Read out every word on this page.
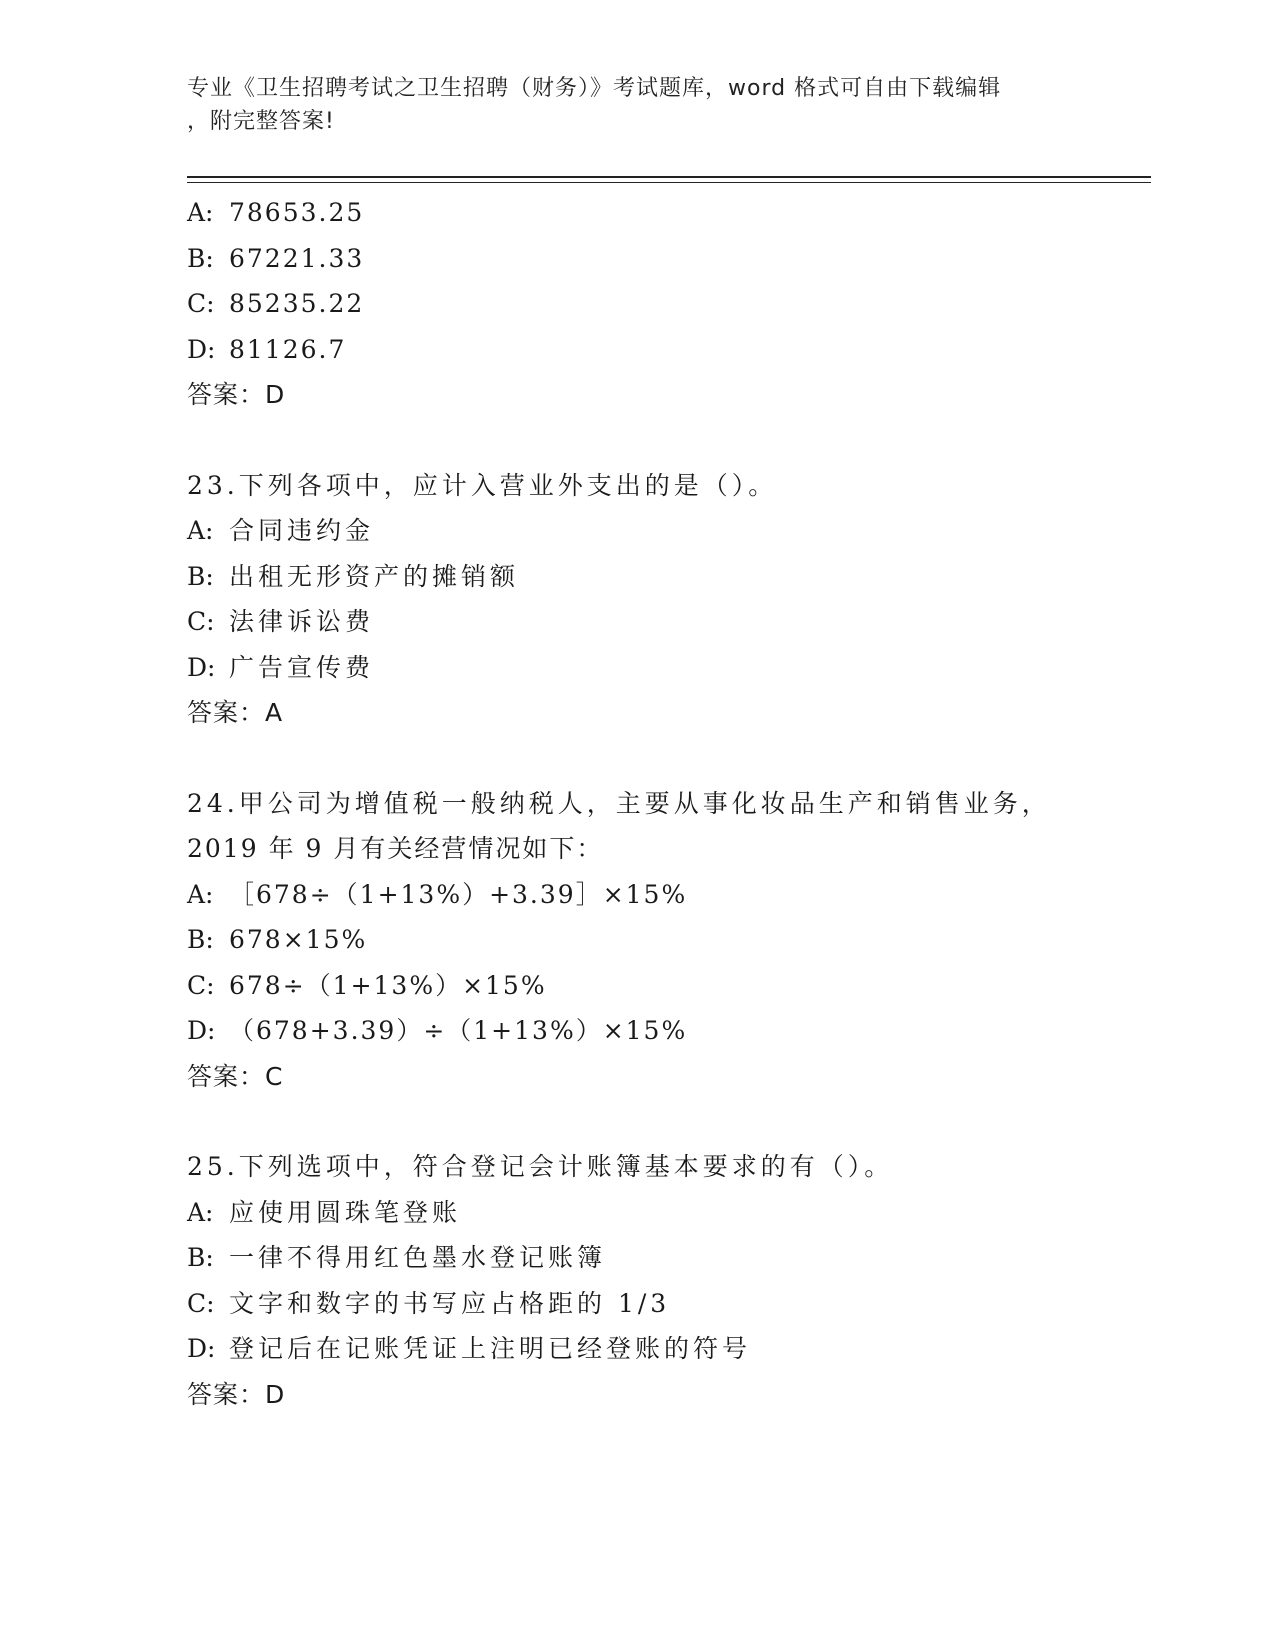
专业《卫生招聘考试之卫生招聘（财务）》考试题库，word 格式可自由下载编辑
，附完整答案!
A: 78653.25
B: 67221.33
C: 85235.22
D: 81126.7
答案：D
23.下列各项中，应计入营业外支出的是（）。
A: 合同违约金
B: 出租无形资产的摊销额
C: 法律诉讼费
D: 广告宣传费
答案：A
24.甲公司为增值税一般纳税人，主要从事化妆品生产和销售业务，
2019 年 9 月有关经营情况如下：
A: ［678÷（1+13%）+3.39］×15%
B: 678×15%
C: 678÷（1+13%）×15%
D: （678+3.39）÷（1+13%）×15%
答案：C
25.下列选项中，符合登记会计账簿基本要求的有（）。
A: 应使用圆珠笔登账
B: 一律不得用红色墨水登记账簿
C: 文字和数字的书写应占格距的 1/3
D: 登记后在记账凭证上注明已经登账的符号
答案：D
